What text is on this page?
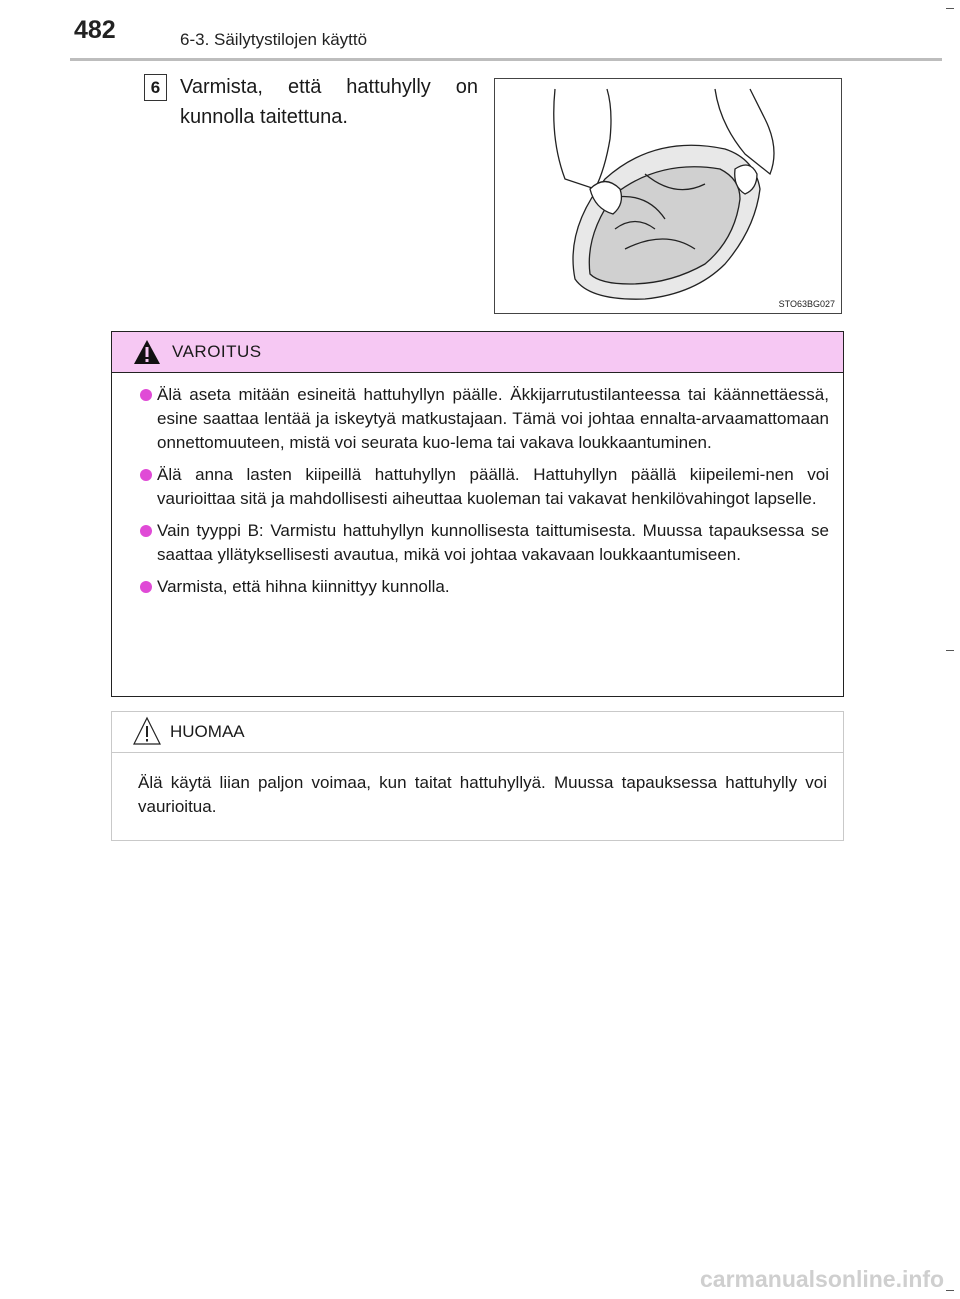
482	6-3. Säilytystilojen käyttö
6 Varmista, että hattuhylly on kunnolla taitettuna.
STO63BG027
VAROITUS
Älä aseta mitään esineitä hattuhyllyn päälle. Äkkijarrutustilanteessa tai käännettäessä, esine saattaa lentää ja iskeytyä matkustajaan. Tämä voi johtaa ennalta-arvaamattomaan onnettomuuteen, mistä voi seurata kuo-lema tai vakava loukkaantuminen.
Älä anna lasten kiipeillä hattuhyllyn päällä. Hattuhyllyn päällä kiipeilemi-nen voi vaurioittaa sitä ja mahdollisesti aiheuttaa kuoleman tai vakavat henkilövahingot lapselle.
Vain tyyppi B: Varmistu hattuhyllyn kunnollisesta taittumisesta. Muussa tapauksessa se saattaa yllätyksellisesti avautua, mikä voi johtaa vakavaan loukkaantumiseen.
Varmista, että hihna kiinnittyy kunnolla.
HUOMAA
Älä käytä liian paljon voimaa, kun taitat hattuhyllyä. Muussa tapauksessa hattuhylly voi vaurioitua.
carmanualsonline.info
